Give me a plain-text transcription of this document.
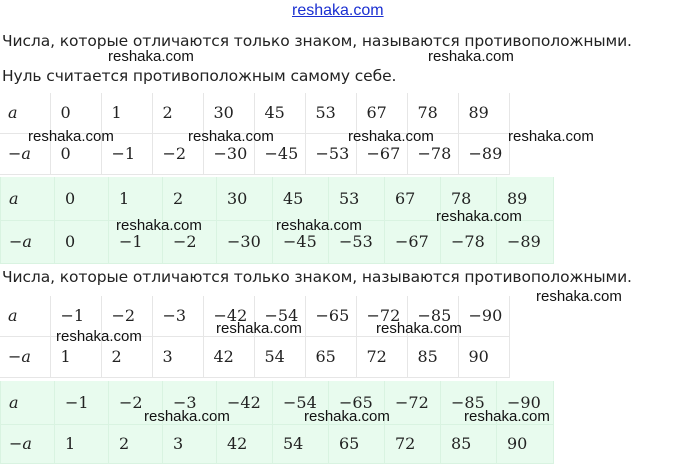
reshaka.com
Числа, которые отличаются только знаком, называются противоположными.
Нуль считается противоположным самому себе.
a	0	1	2	30	45	53	67	78	89
−a	0	−1	−2	−30	−45	−53	−67	−78	−89
a	0	1	2	30	45	53	67	78	89
−a	0	−1	−2	−30	−45	−53	−67	−78	−89
Числа, которые отличаются только знаком, называются противоположными.
a	−1	−2	−3	−42	−54	−65	−72	−85	−90
−a	1	2	3	42	54	65	72	85	90
a	−1	−2	−3	−42	−54	−65	−72	−85	−90
−a	1	2	3	42	54	65	72	85	90
reshaka.com	reshaka.com
reshaka.com	reshaka.com	reshaka.com	reshaka.com
reshaka.com
reshaka.com	reshaka.com
reshaka.com
reshaka.com	reshaka.com
reshaka.com
reshaka.com	reshaka.com	reshaka.com
